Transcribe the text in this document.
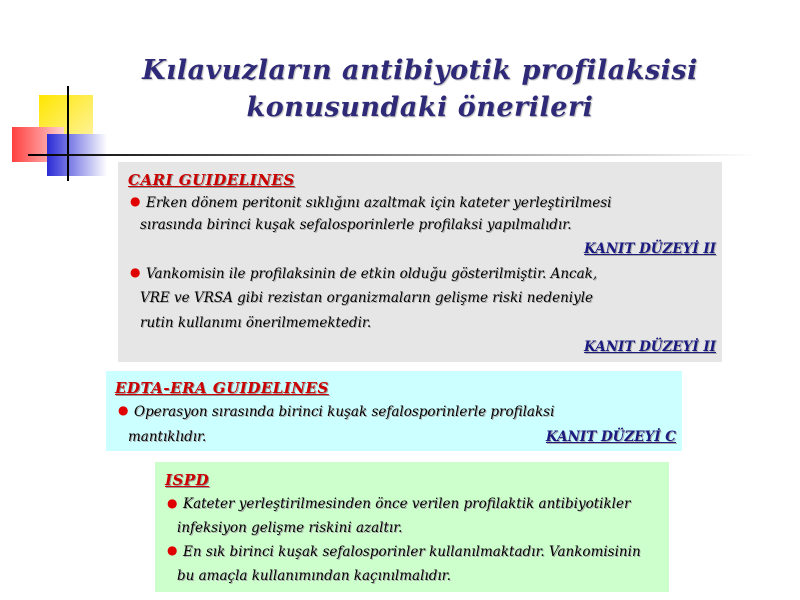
Kılavuzların antibiyotik profilaksisi
konusundaki önerileri
CARI GUIDELINES
● Erken dönem peritonit sıklığını azaltmak için kateter yerleştirilmesi
sırasında birinci kuşak sefalosporinlerle profilaksi yapılmalıdır.
KANIT DÜZEYİ II
● Vankomisin ile profilaksinin de etkin olduğu gösterilmiştir. Ancak,
VRE ve VRSA gibi rezistan organizmaların gelişme riski nedeniyle
rutin kullanımı önerilmemektedir.
KANIT DÜZEYİ II
EDTA-ERA GUIDELINES
● Operasyon sırasında birinci kuşak sefalosporinlerle profilaksi
mantıklıdır.	KANIT DÜZEYİ C
ISPD
● Kateter yerleştirilmesinden önce verilen profilaktik antibiyotikler
infeksiyon gelişme riskini azaltır.
● En sık birinci kuşak sefalosporinler kullanılmaktadır. Vankomisinin
bu amaçla kullanımından kaçınılmalıdır.
